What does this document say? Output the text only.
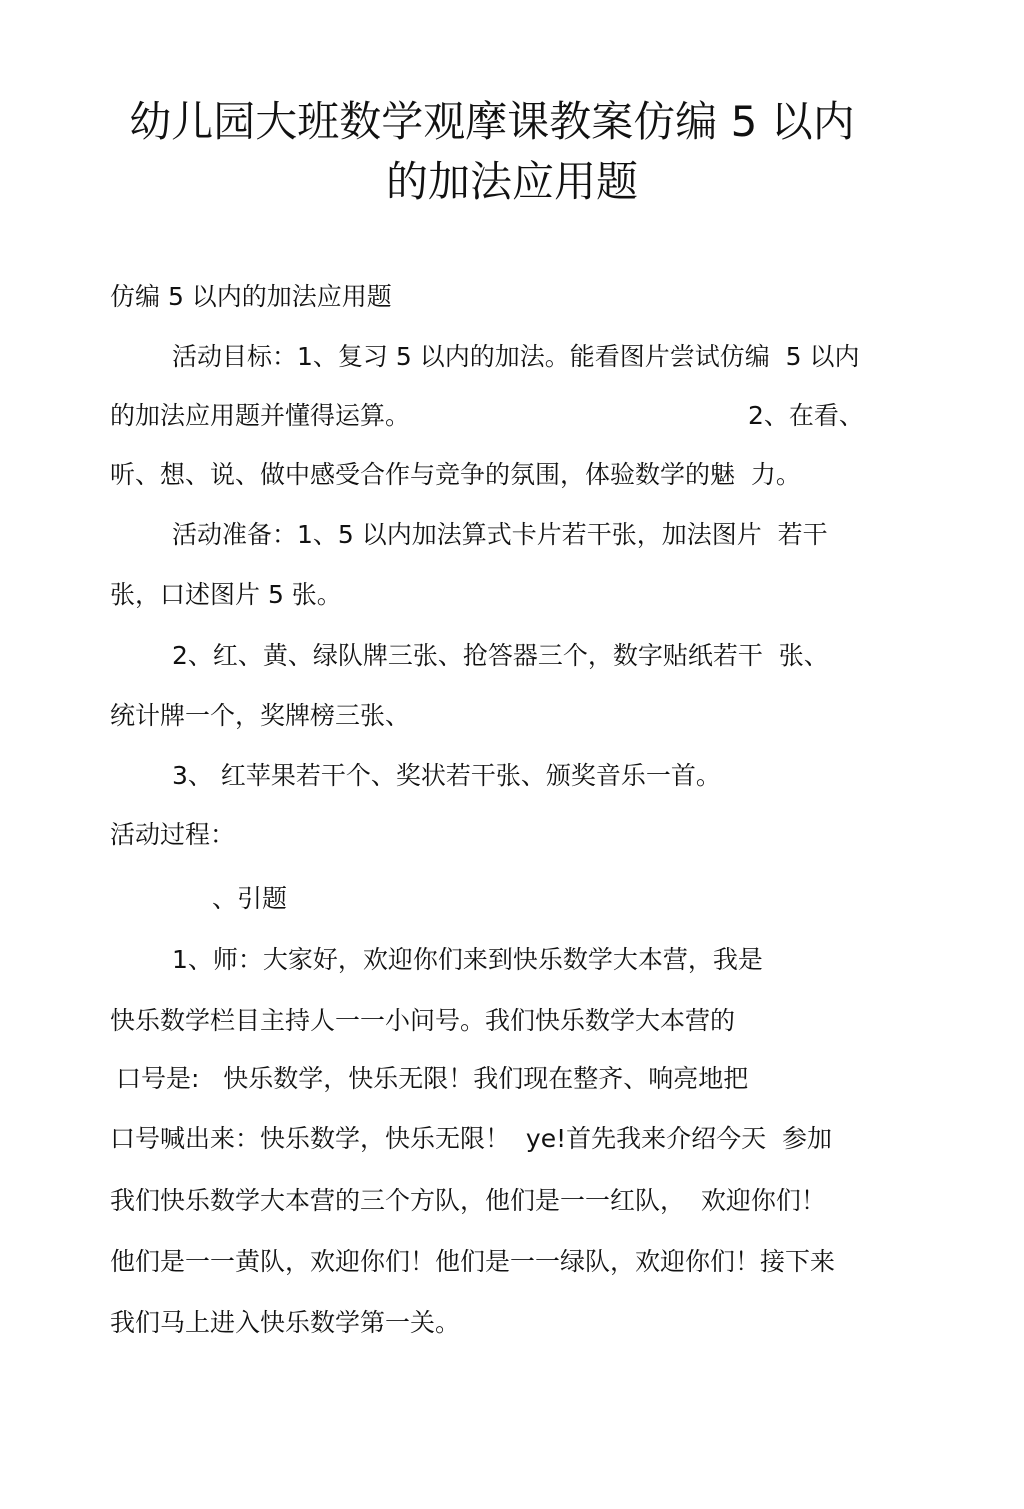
幼儿园大班数学观摩课教案仿编 5 以内
的加法应用题

仿编 5 以内的加法应用题

活动目标：1、复习 5 以内的加法。能看图片尝试仿编  5 以内

的加法应用题并懂得运算。	2、在看、

听、想、说、做中感受合作与竞争的氛围，体验数学的魅  力。

活动准备：1、5 以内加法算式卡片若干张，加法图片  若干

张，口述图片 5 张。

2、红、黄、绿队牌三张、抢答器三个，数字贴纸若干  张、

统计牌一个，奖牌榜三张、

3、 红苹果若干个、奖状若干张、颁奖音乐一首。

活动过程：

、引题

1、师：大家好，欢迎你们来到快乐数学大本营，我是

快乐数学栏目主持人一一小问号。我们快乐数学大本营的

口号是:   快乐数学，快乐无限！我们现在整齐、响亮地把

口号喊出来：快乐数学，快乐无限！  ye!首先我来介绍今天  参加

我们快乐数学大本营的三个方队，他们是一一红队，  欢迎你们！

他们是一一黄队，欢迎你们！他们是一一绿队，欢迎你们！接下来

我们马上进入快乐数学第一关。
